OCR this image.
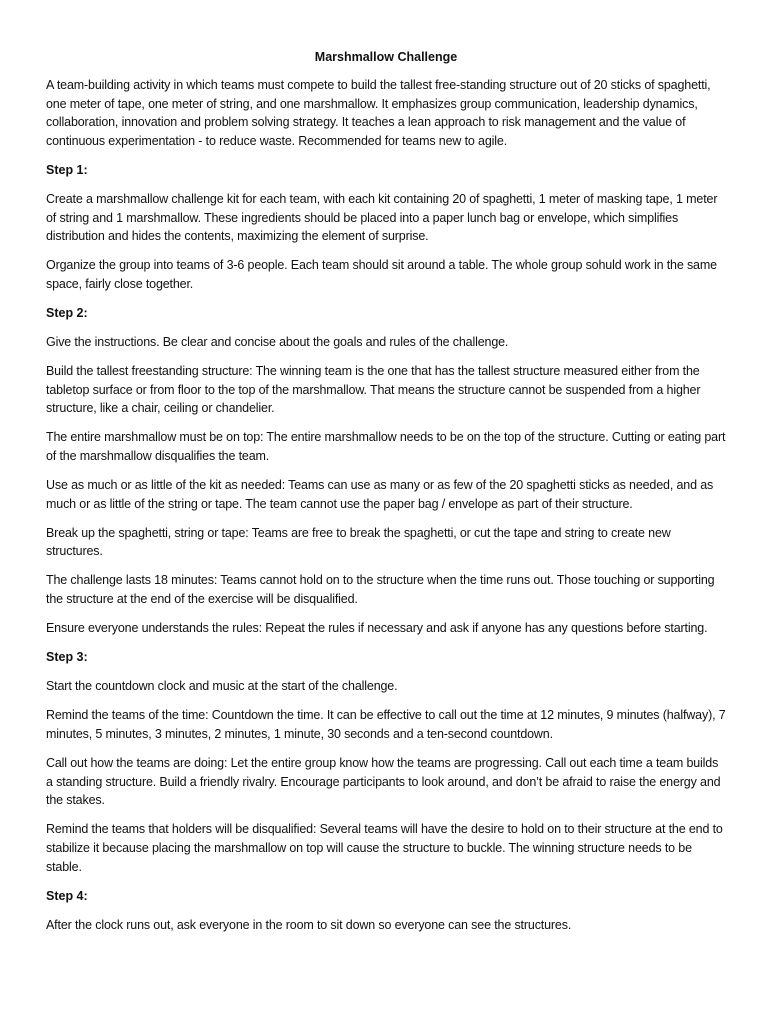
Marshmallow Challenge

A team-building activity in which teams must compete to build the tallest free-standing structure out of 20 sticks of spaghetti, one meter of tape, one meter of string, and one marshmallow. It emphasizes group communication, leadership dynamics, collaboration, innovation and problem solving strategy. It teaches a lean approach to risk management and the value of continuous experimentation - to reduce waste. Recommended for teams new to agile.

Step 1:

Create a marshmallow challenge kit for each team, with each kit containing 20 of spaghetti, 1 meter of masking tape, 1 meter of string and 1 marshmallow. These ingredients should be placed into a paper lunch bag or envelope, which simplifies distribution and hides the contents, maximizing the element of surprise.

Organize the group into teams of 3-6 people. Each team should sit around a table. The whole group sohuld work in the same space, fairly close together.

Step 2:

Give the instructions. Be clear and concise about the goals and rules of the challenge.

Build the tallest freestanding structure: The winning team is the one that has the tallest structure measured either from the tabletop surface or from floor to the top of the marshmallow. That means the structure cannot be suspended from a higher structure, like a chair, ceiling or chandelier.

The entire marshmallow must be on top: The entire marshmallow needs to be on the top of the structure. Cutting or eating part of the marshmallow disqualifies the team.

Use as much or as little of the kit as needed: Teams can use as many or as few of the 20 spaghetti sticks as needed, and as much or as little of the string or tape. The team cannot use the paper bag / envelope as part of their structure.

Break up the spaghetti, string or tape: Teams are free to break the spaghetti, or cut the tape and string to create new structures.

The challenge lasts 18 minutes: Teams cannot hold on to the structure when the time runs out. Those touching or supporting the structure at the end of the exercise will be disqualified.

Ensure everyone understands the rules: Repeat the rules if necessary and ask if anyone has any questions before starting.

Step 3:

Start the countdown clock and music at the start of the challenge.

Remind the teams of the time: Countdown the time. It can be effective to call out the time at 12 minutes, 9 minutes (halfway), 7 minutes, 5 minutes, 3 minutes, 2 minutes, 1 minute, 30 seconds and a ten-second countdown.

Call out how the teams are doing: Let the entire group know how the teams are progressing. Call out each time a team builds a standing structure. Build a friendly rivalry. Encourage participants to look around, and don’t be afraid to raise the energy and the stakes.

Remind the teams that holders will be disqualified: Several teams will have the desire to hold on to their structure at the end to stabilize it because placing the marshmallow on top will cause the structure to buckle. The winning structure needs to be stable.

Step 4:

After the clock runs out, ask everyone in the room to sit down so everyone can see the structures.
